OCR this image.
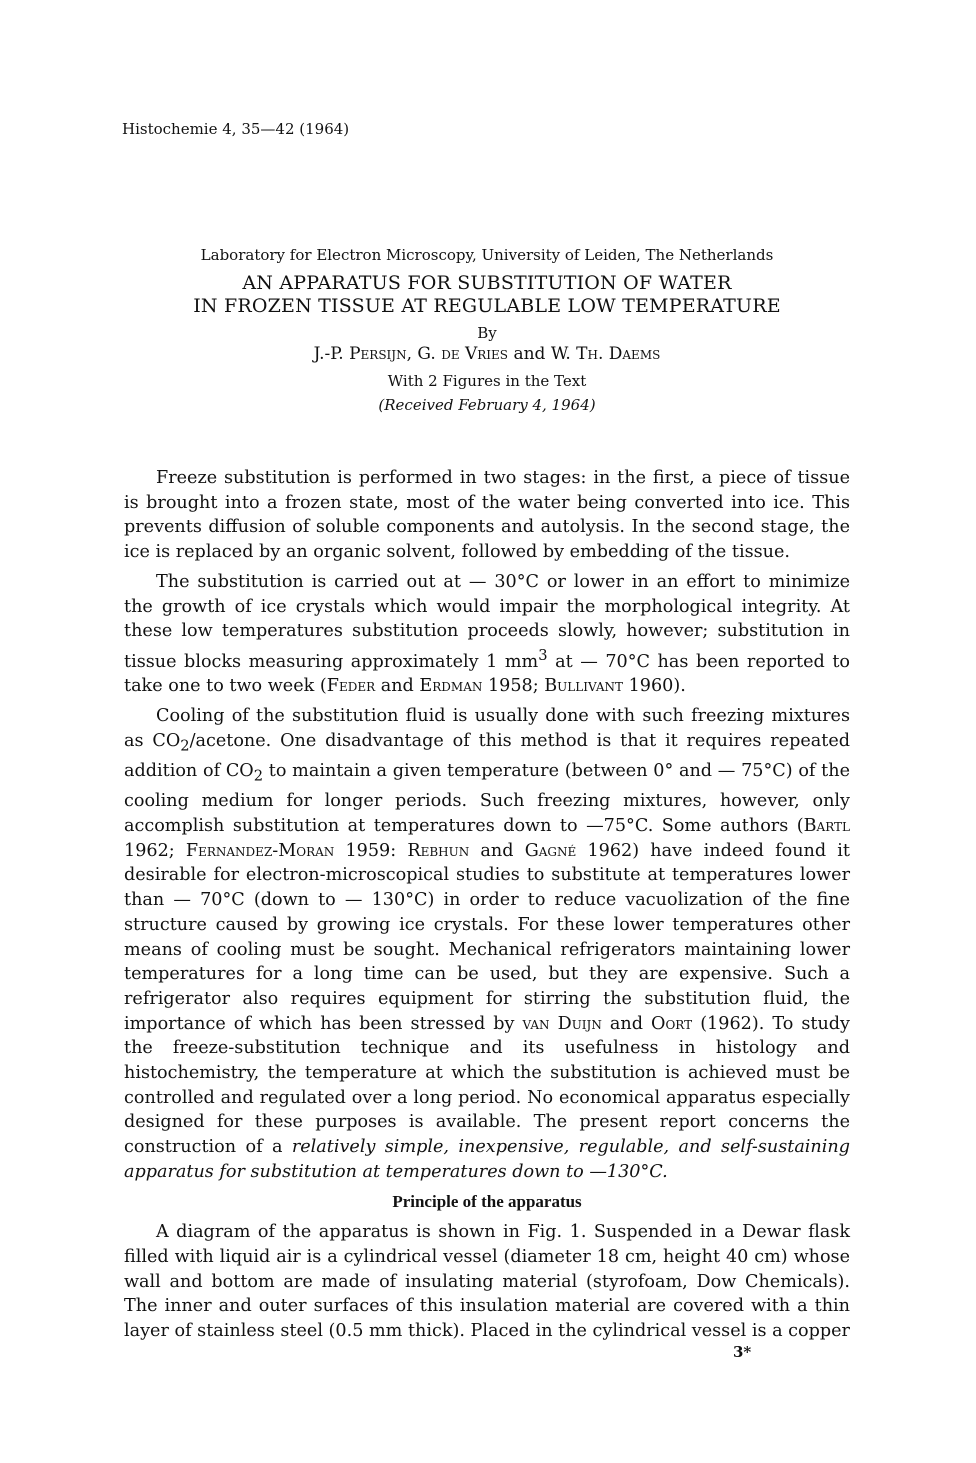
Histochemie 4, 35—42 (1964)
Laboratory for Electron Microscopy, University of Leiden, The Netherlands
AN APPARATUS FOR SUBSTITUTION OF WATER
IN FROZEN TISSUE AT REGULABLE LOW TEMPERATURE
By
J.-P. Persijn, G. de Vries and W. Th. Daems
With 2 Figures in the Text
(Received February 4, 1964)

Freeze substitution is performed in two stages: in the first, a piece of tissue is brought into a frozen state, most of the water being converted into ice. This prevents diffusion of soluble components and autolysis. In the second stage, the ice is replaced by an organic solvent, followed by embedding of the tissue.

The substitution is carried out at — 30°C or lower in an effort to minimize the growth of ice crystals which would impair the morphological integrity. At these low temperatures substitution proceeds slowly, however; substitution in tissue blocks measuring approximately 1 $mm^3$ at — 70°C has been reported to take one to two week (Feder and Erdman 1958; Bullivant 1960).

Cooling of the substitution fluid is usually done with such freezing mixtures as $CO_2$/acetone. One disadvantage of this method is that it requires repeated addition of $CO_2$ to maintain a given temperature (between 0° and — 75°C) of the cooling medium for longer periods. Such freezing mixtures, however, only accomplish substitution at temperatures down to —75°C. Some authors (Bartl 1962; Fernandez-Moran 1959: Rebhun and Gagné 1962) have indeed found it desirable for electron-microscopical studies to substitute at temperatures lower than — 70°C (down to — 130°C) in order to reduce vacuolization of the fine structure caused by growing ice crystals. For these lower temperatures other means of cooling must be sought. Mechanical refrigerators maintaining lower temperatures for a long time can be used, but they are expensive. Such a refrigerator also requires equipment for stirring the substitution fluid, the importance of which has been stressed by van Duijn and Oort (1962). To study the freeze-substitution technique and its usefulness in histology and histochemistry, the temperature at which the substitution is achieved must be controlled and regulated over a long period. No economical apparatus especially designed for these purposes is available. The present report concerns the construction of a relatively simple, inexpensive, regulable, and self-sustaining apparatus for substitution at temperatures down to —130°C.

Principle of the apparatus

A diagram of the apparatus is shown in Fig. 1. Suspended in a Dewar flask filled with liquid air is a cylindrical vessel (diameter 18 cm, height 40 cm) whose wall and bottom are made of insulating material (styrofoam, Dow Chemicals). The inner and outer surfaces of this insulation material are covered with a thin layer of stainless steel (0.5 mm thick). Placed in the cylindrical vessel is a copper

3*
